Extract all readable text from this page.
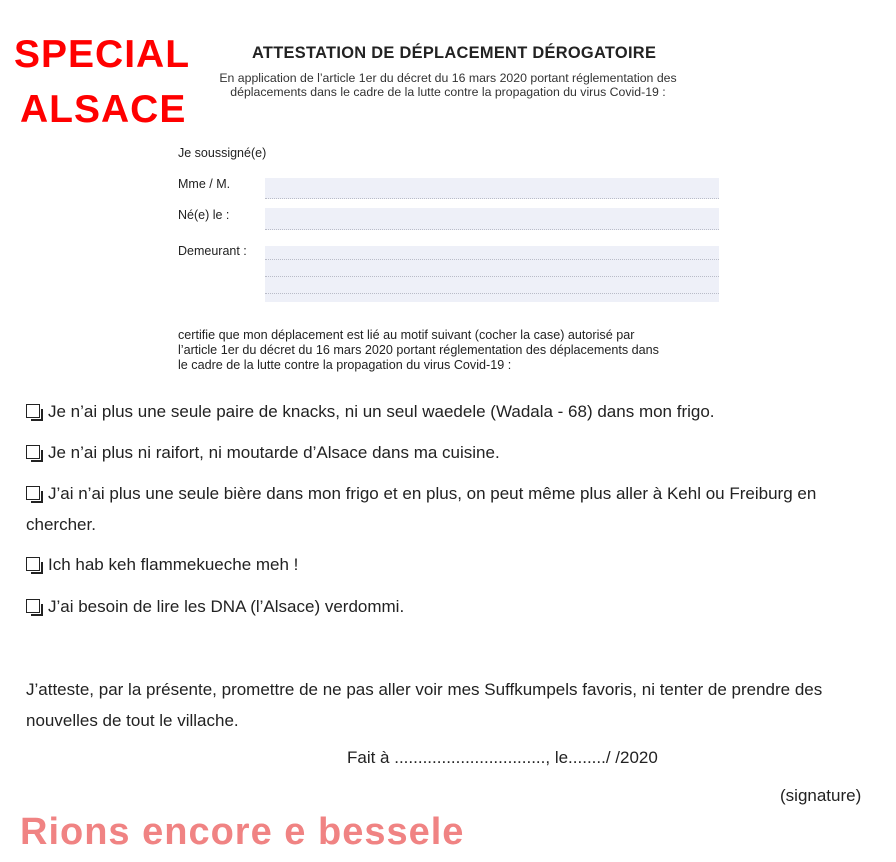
SPECIAL
ALSACE
ATTESTATION DE DÉPLACEMENT DÉROGATOIRE
En application de l’article 1er du décret du 16 mars 2020 portant réglementation des
déplacements dans le cadre de la lutte contre la propagation du virus Covid-19 :
Je soussigné(e)
Mme / M.
Né(e) le :
Demeurant :
certifie que mon déplacement est lié au motif suivant (cocher la case) autorisé par
l’article 1er du décret du 16 mars 2020 portant réglementation des déplacements dans
le cadre de la lutte contre la propagation du virus Covid-19 :
Je n’ai plus une seule paire de knacks, ni un seul waedele (Wadala - 68) dans mon frigo.
Je n’ai plus ni raifort, ni moutarde d’Alsace dans ma cuisine.
J’ai n’ai plus une seule bière dans mon frigo et en plus, on peut même plus aller à Kehl ou Freiburg en chercher.
Ich hab keh flammekueche meh !
J’ai besoin de lire les DNA (l’Alsace) verdommi.
J’atteste, par la présente, promettre de ne pas aller voir mes Suffkumpels favoris, ni tenter de prendre des nouvelles de tout le villache.
Fait à ................................, le......../ /2020
(signature)
Rions encore e bessele
